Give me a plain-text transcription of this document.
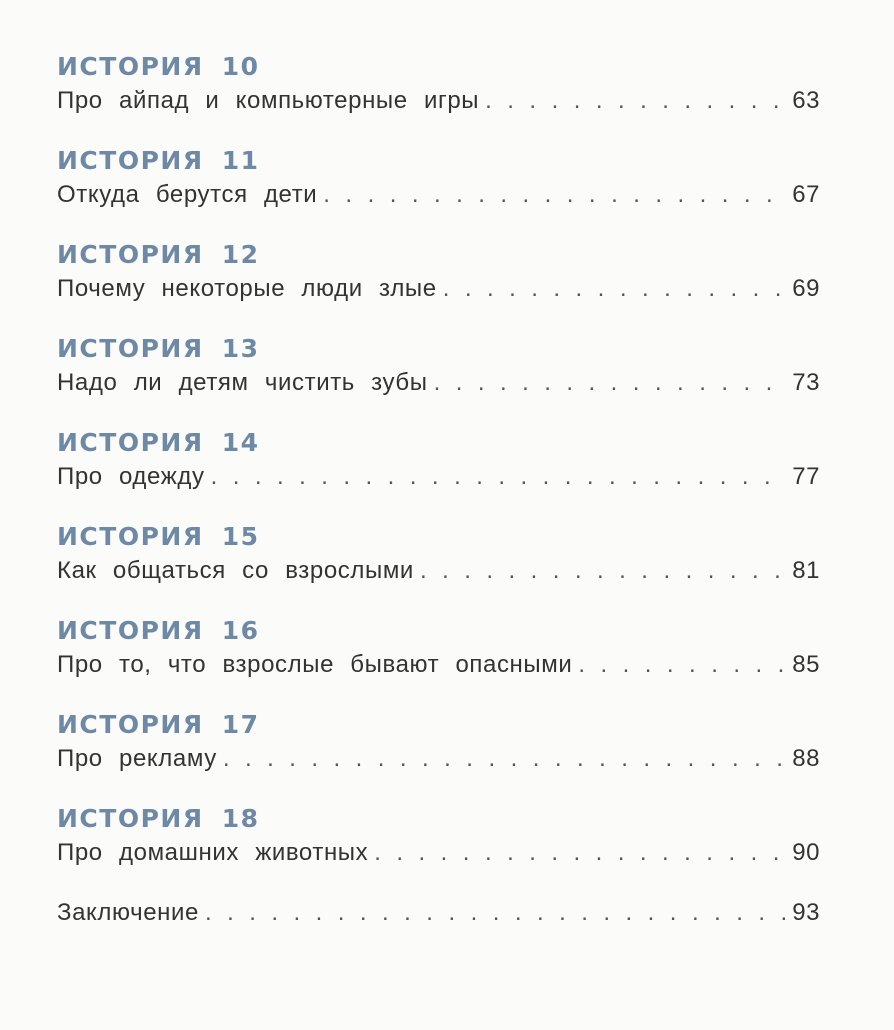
ИСТОРИЯ 10
Про айпад и компьютерные игры . . .	63
ИСТОРИЯ 11
Откуда берутся дети . . .	67
ИСТОРИЯ 12
Почему некоторые люди злые . . .	69
ИСТОРИЯ 13
Надо ли детям чистить зубы . . .	73
ИСТОРИЯ 14
Про одежду . . .	77
ИСТОРИЯ 15
Как общаться со взрослыми . . .	81
ИСТОРИЯ 16
Про то, что взрослые бывают опасными . . .	85
ИСТОРИЯ 17
Про рекламу . . .	88
ИСТОРИЯ 18
Про домашних животных . . .	90
Заключение . . .	93
